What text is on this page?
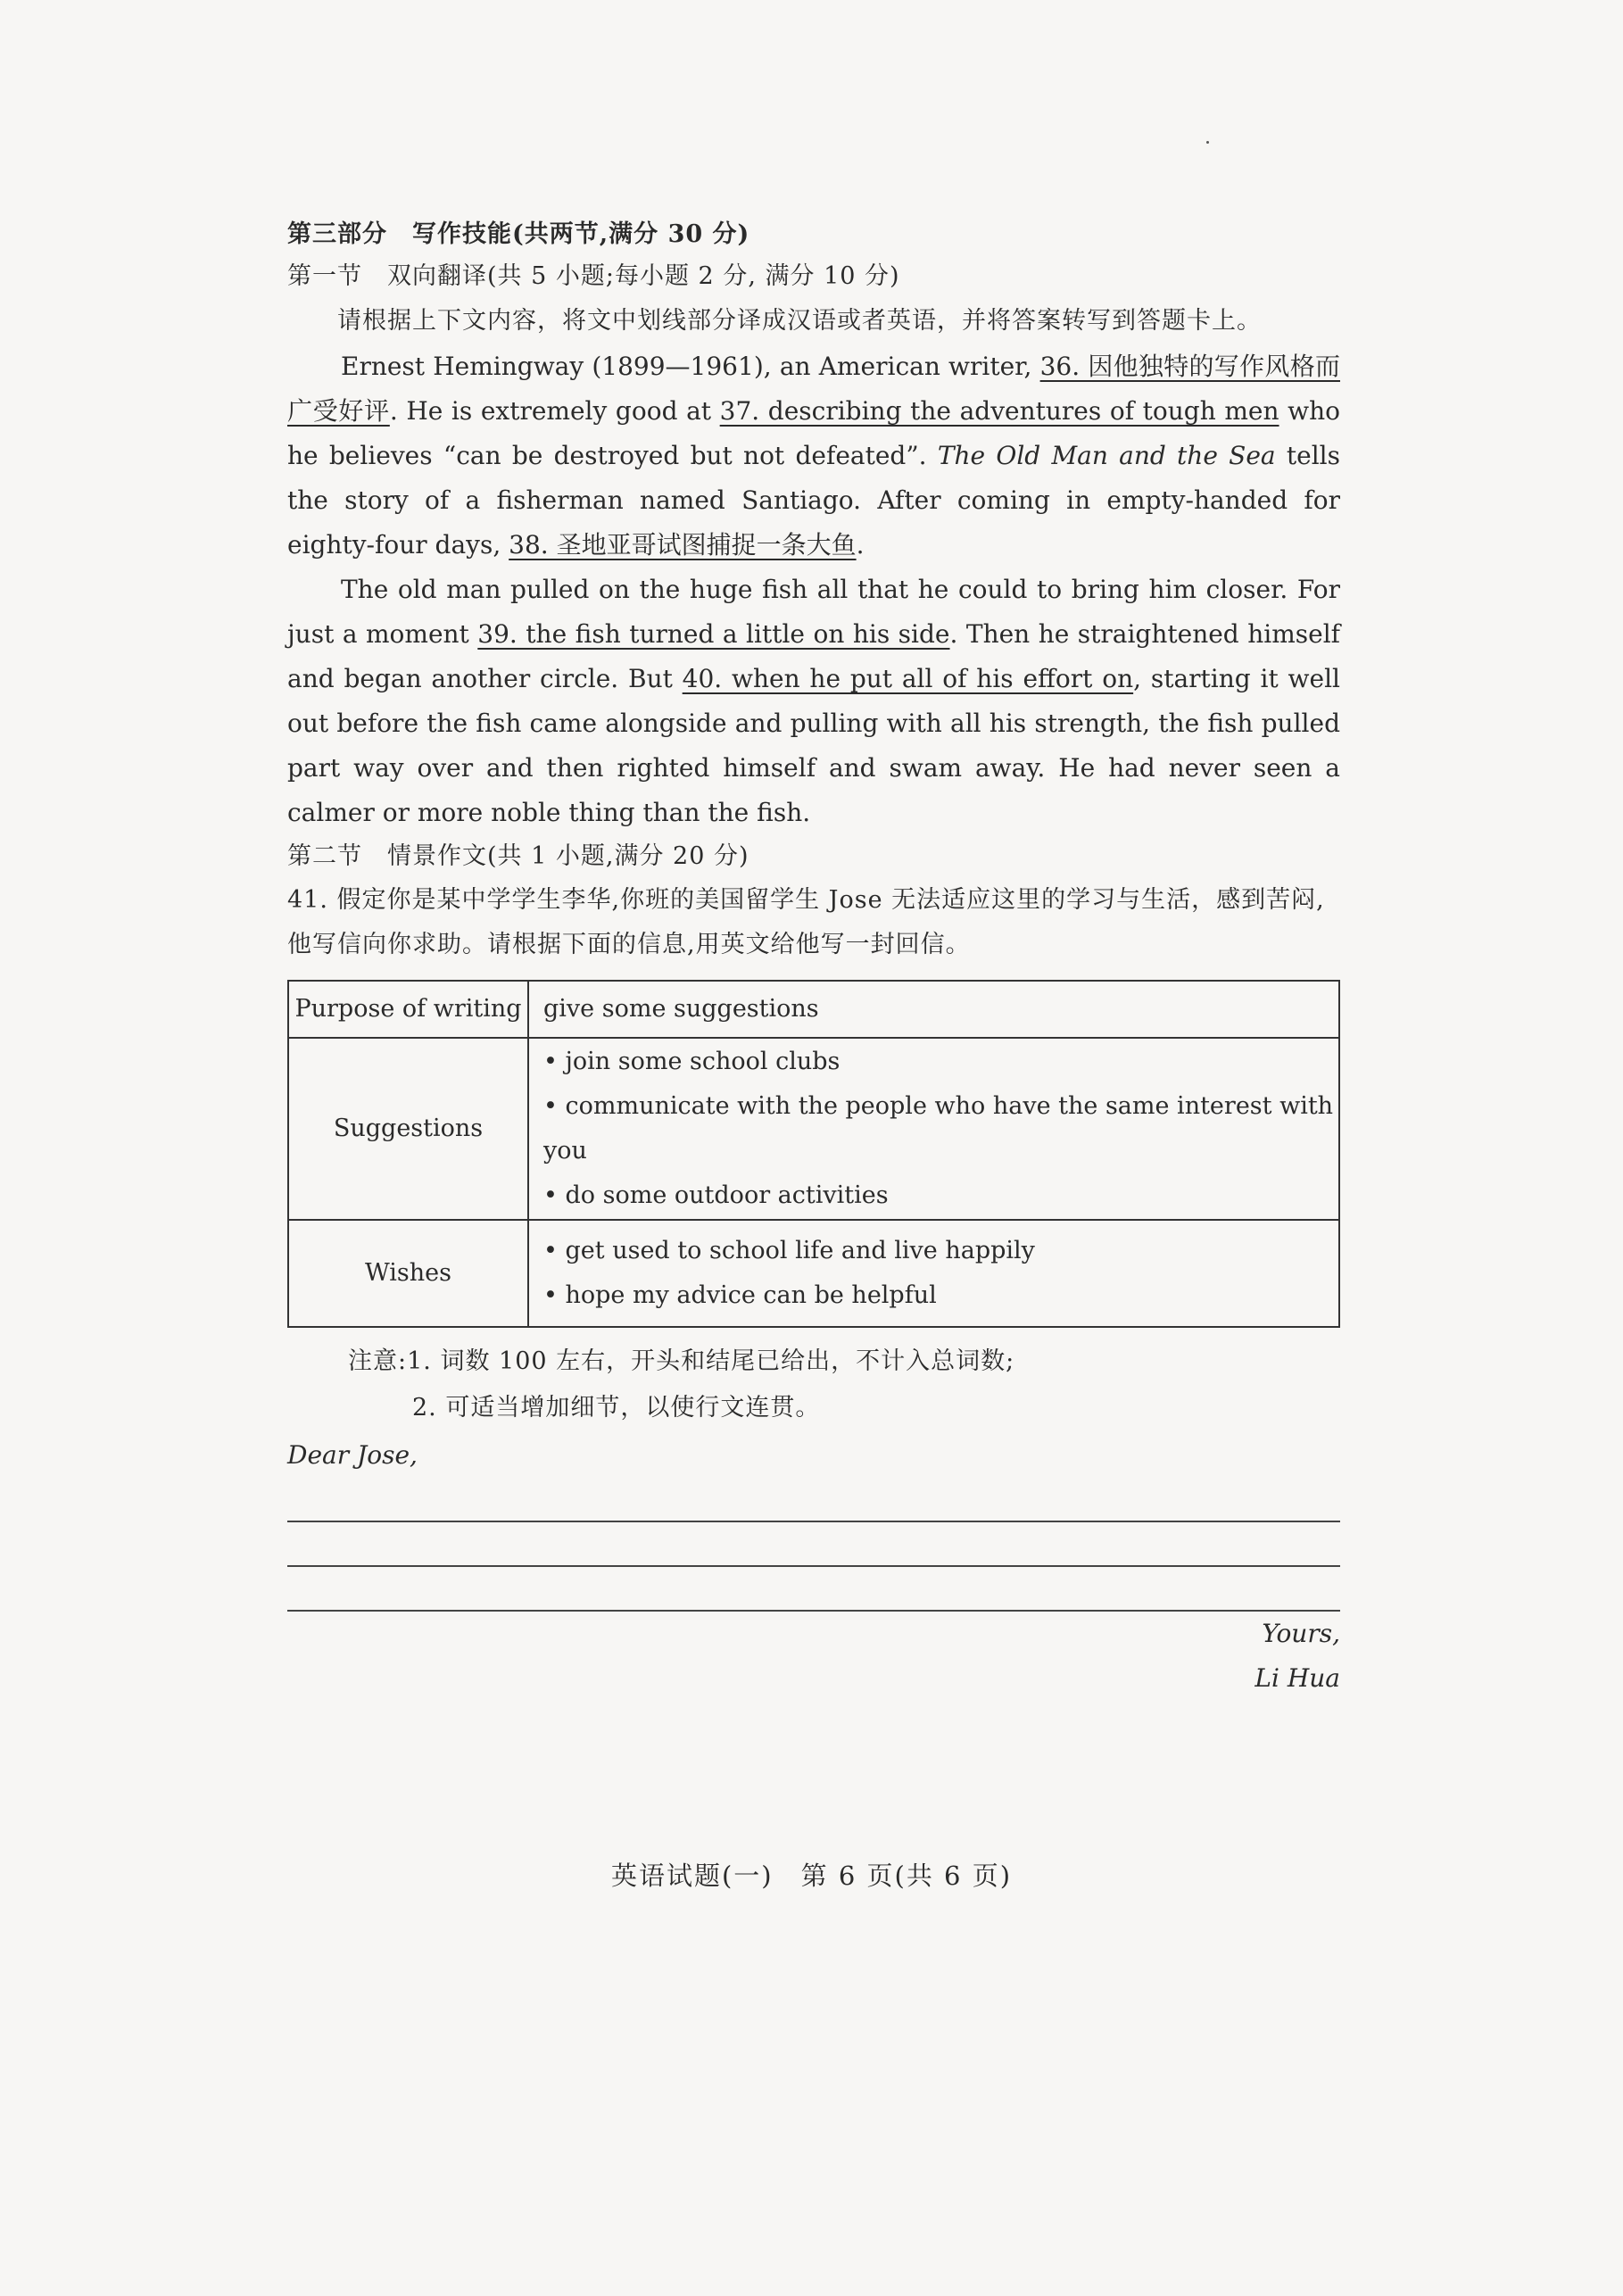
第三部分　写作技能(共两节,满分 30 分)
第一节　双向翻译(共 5 小题;每小题 2 分, 满分 10 分)
请根据上下文内容，将文中划线部分译成汉语或者英语，并将答案转写到答题卡上。

Ernest Hemingway (1899—1961), an American writer, 36. 因他独特的写作风格而广受好评. He is extremely good at 37. describing the adventures of tough men who he believes “can be destroyed but not defeated”. The Old Man and the Sea tells the story of a fisherman named Santiago. After coming in empty-handed for eighty-four days, 38. 圣地亚哥试图捕捉一条大鱼.

The old man pulled on the huge fish all that he could to bring him closer. For just a moment 39. the fish turned a little on his side. Then he straightened himself and began another circle. But 40. when he put all of his effort on, starting it well out before the fish came alongside and pulling with all his strength, the fish pulled part way over and then righted himself and swam away. He had never seen a calmer or more noble thing than the fish.

第二节　情景作文(共 1 小题,满分 20 分)
41. 假定你是某中学学生李华,你班的美国留学生 Jose 无法适应这里的学习与生活，感到苦闷,他写信向你求助。请根据下面的信息,用英文给他写一封回信。
Purpose of writing	give some suggestions
Suggestions	• join some school clubs
• communicate with the people who have the same interest with you
• do some outdoor activities

Wishes	• get used to school life and live happily
• hope my advice can be helpful
注意:1. 词数 100 左右，开头和结尾已给出，不计入总词数;
2. 可适当增加细节，以使行文连贯。
Dear Jose,
Yours,
Li Hua
英语试题(一)　第 6 页(共 6 页)
